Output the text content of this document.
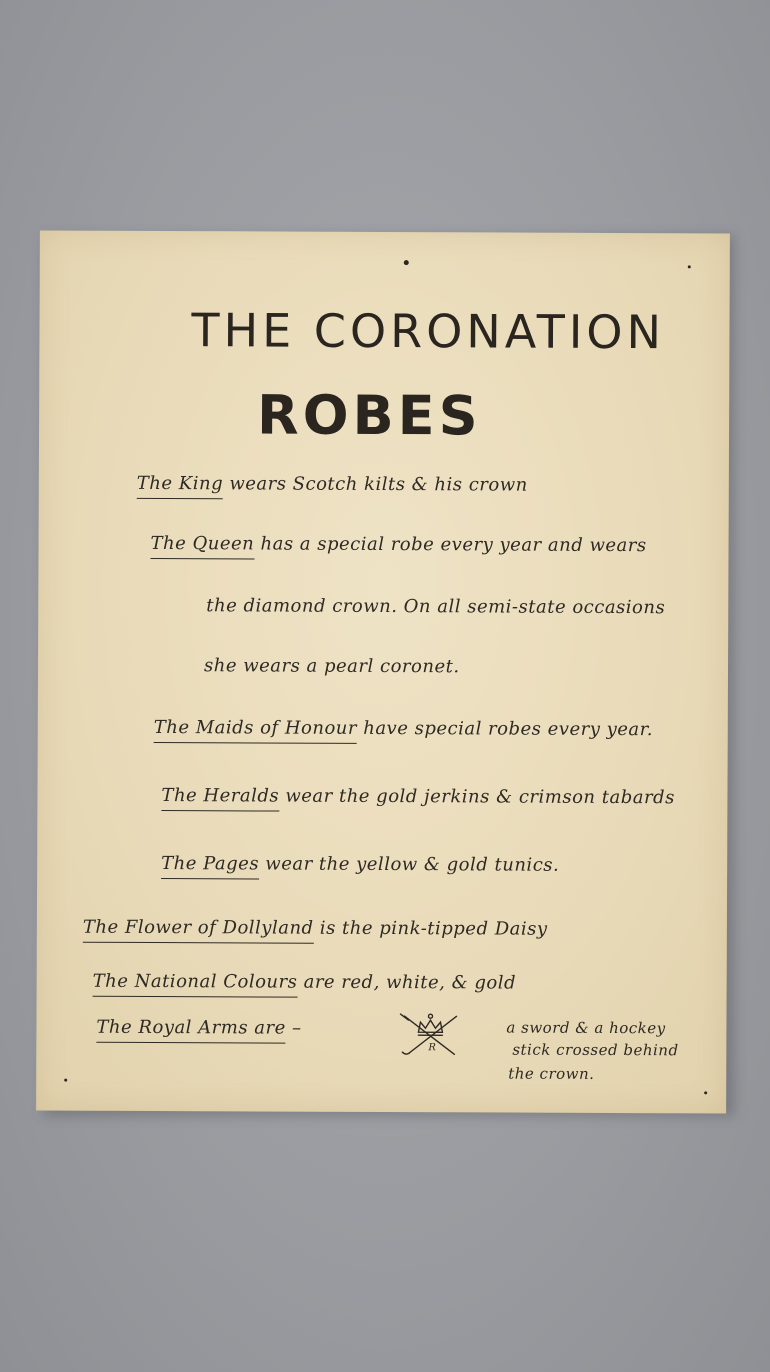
THE CORONATION
ROBES
The King wears Scotch kilts & his crown
The Queen has a special robe every year and wears
the diamond crown. On all semi-state occasions
she wears a pearl coronet.
The Maids of Honour have special robes every year.
The Heralds wear the gold jerkins & crimson tabards
The Pages wear the yellow & gold tunics.
The Flower of Dollyland is the pink-tipped Daisy
The National Colours are red, white, & gold
The Royal Arms are –
R
a sword & a hockey
stick crossed behind
the crown.
